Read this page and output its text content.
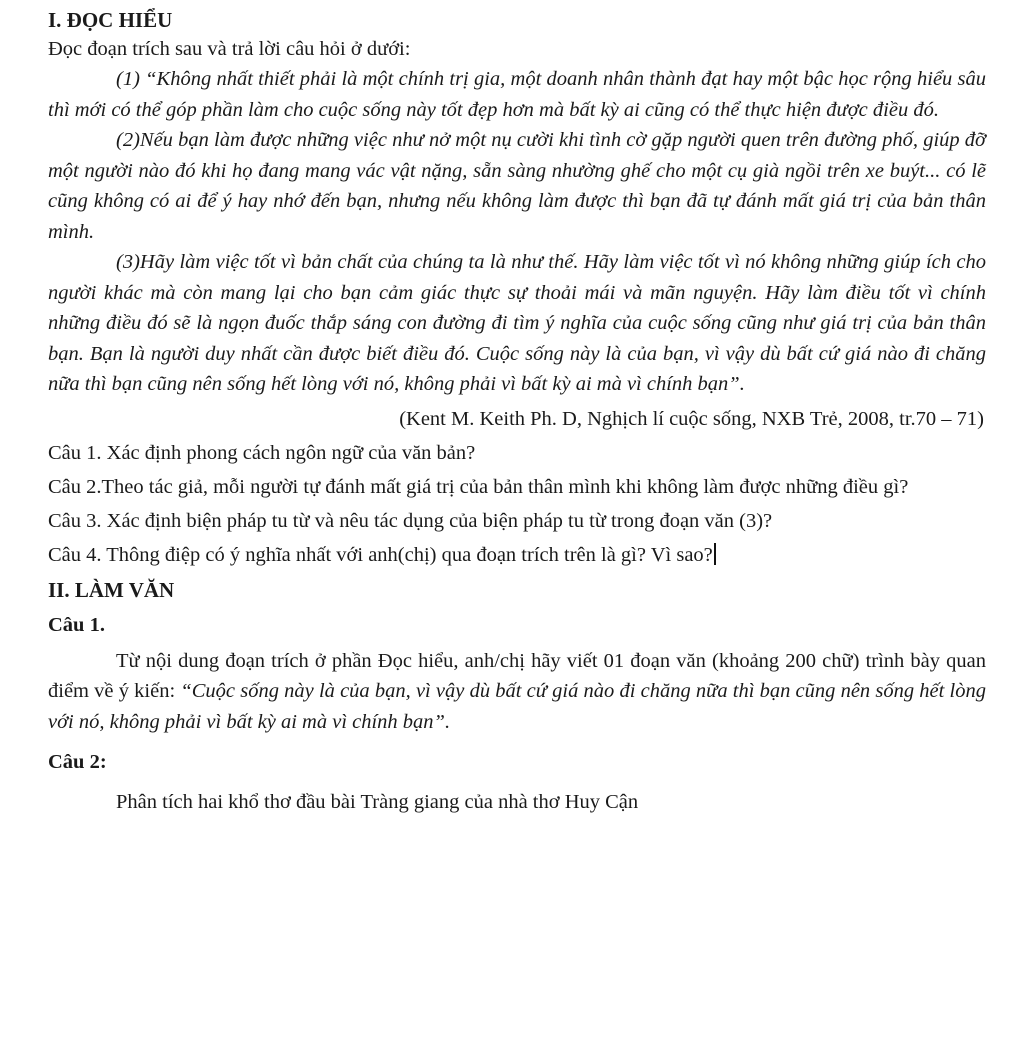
I. ĐỌC HIỂU

Đọc đoạn trích sau và trả lời câu hỏi ở dưới:

(1) “Không nhất thiết phải là một chính trị gia, một doanh nhân thành đạt hay một bậc học rộng hiểu sâu thì mới có thể góp phần làm cho cuộc sống này tốt đẹp hơn mà bất kỳ ai cũng có thể thực hiện được điều đó.

(2)Nếu bạn làm được những việc như nở một nụ cười khi tình cờ gặp người quen trên đường phố, giúp đỡ một người nào đó khi họ đang mang vác vật nặng, sẵn sàng nhường ghế cho một cụ già ngồi trên xe buýt... có lẽ cũng không có ai để ý hay nhớ đến bạn, nhưng nếu không làm được thì bạn đã tự đánh mất giá trị của bản thân mình.

(3)Hãy làm việc tốt vì bản chất của chúng ta là như thế. Hãy làm việc tốt vì nó không những giúp ích cho người khác mà còn mang lại cho bạn cảm giác thực sự thoải mái và mãn nguyện. Hãy làm điều tốt vì chính những điều đó sẽ là ngọn đuốc thắp sáng con đường đi tìm ý nghĩa của cuộc sống cũng như giá trị của bản thân bạn. Bạn là người duy nhất cần được biết điều đó. Cuộc sống này là của bạn, vì vậy dù bất cứ giá nào đi chăng nữa thì bạn cũng nên sống hết lòng với nó, không phải vì bất kỳ ai mà vì chính bạn”.

(Kent M. Keith Ph. D, Nghịch lí cuộc sống, NXB Trẻ, 2008, tr.70 – 71)

Câu 1. Xác định phong cách ngôn ngữ của văn bản?

Câu 2.Theo tác giả, mỗi người tự đánh mất giá trị của bản thân mình khi không làm được những điều gì?

Câu 3. Xác định biện pháp tu từ và nêu tác dụng của biện pháp tu từ trong đoạn văn (3)?

Câu 4. Thông điệp có ý nghĩa nhất với anh(chị) qua đoạn trích trên là gì? Vì sao?

II. LÀM VĂN

Câu 1.

Từ nội dung đoạn trích ở phần Đọc hiểu, anh/chị hãy viết 01 đoạn văn (khoảng 200 chữ) trình bày quan điểm về ý kiến: “Cuộc sống này là của bạn, vì vậy dù bất cứ giá nào đi chăng nữa thì bạn cũng nên sống hết lòng với nó, không phải vì bất kỳ ai mà vì chính bạn”.

Câu 2:

Phân tích hai khổ thơ đầu bài Tràng giang của nhà thơ Huy Cận
